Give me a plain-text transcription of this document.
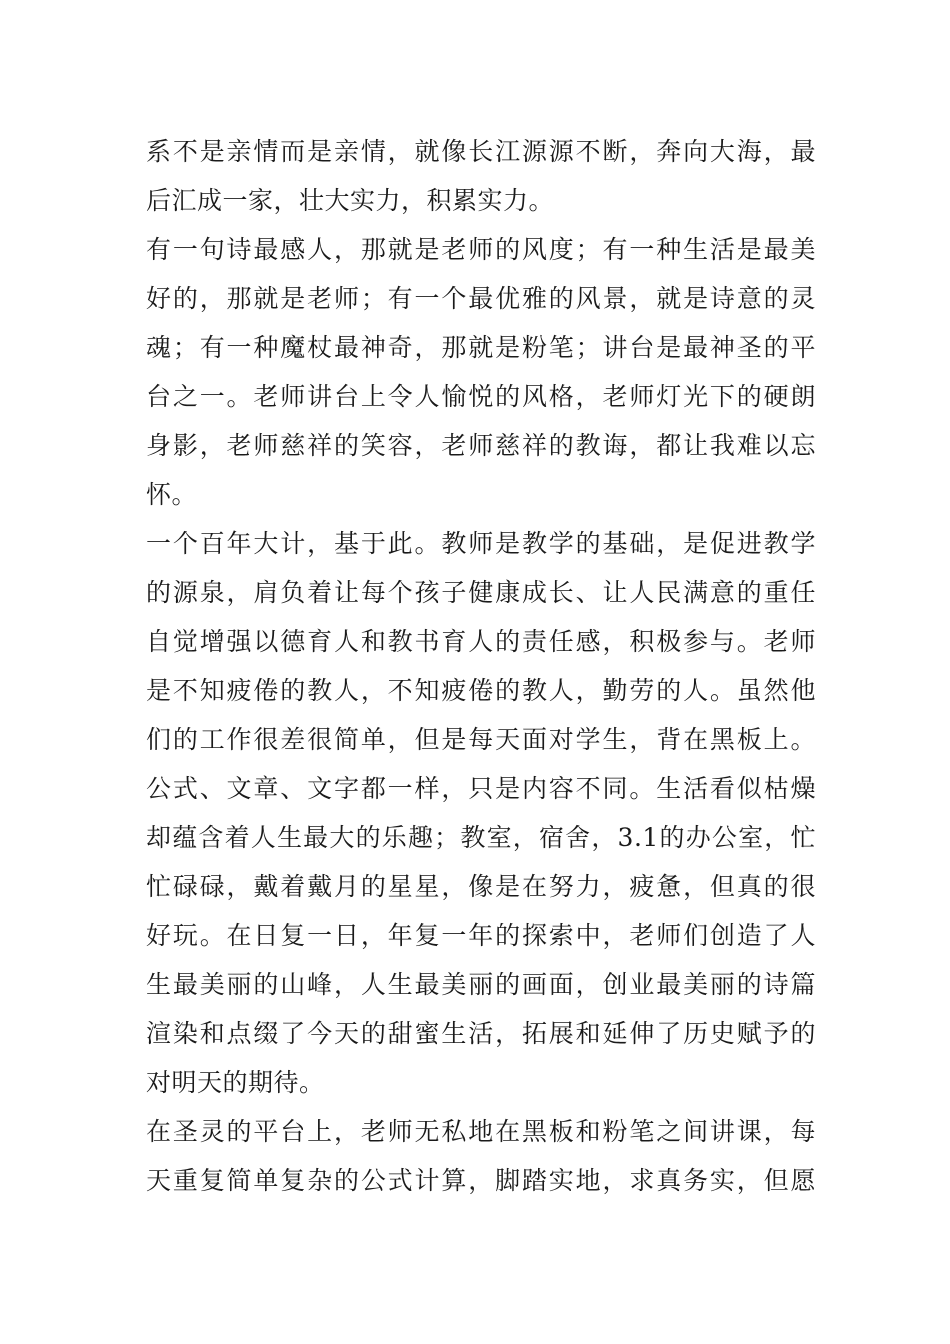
系不是亲情而是亲情，就像长江源源不断，奔向大海，最
后汇成一家，壮大实力，积累实力。
有一句诗最感人，那就是老师的风度；有一种生活是最美
好的，那就是老师；有一个最优雅的风景，就是诗意的灵
魂；有一种魔杖最神奇，那就是粉笔；讲台是最神圣的平
台之一。老师讲台上令人愉悦的风格，老师灯光下的硬朗
身影，老师慈祥的笑容，老师慈祥的教诲，都让我难以忘
怀。
一个百年大计，基于此。教师是教学的基础，是促进教学
的源泉，肩负着让每个孩子健康成长、让人民满意的重任
自觉增强以德育人和教书育人的责任感，积极参与。老师
是不知疲倦的教人，不知疲倦的教人，勤劳的人。虽然他
们的工作很差很简单，但是每天面对学生，背在黑板上。
公式、文章、文字都一样，只是内容不同。生活看似枯燥
却蕴含着人生最大的乐趣；教室，宿舍，3.1的办公室，忙
忙碌碌，戴着戴月的星星，像是在努力，疲惫，但真的很
好玩。在日复一日，年复一年的探索中，老师们创造了人
生最美丽的山峰，人生最美丽的画面，创业最美丽的诗篇
渲染和点缀了今天的甜蜜生活，拓展和延伸了历史赋予的
对明天的期待。
在圣灵的平台上，老师无私地在黑板和粉笔之间讲课，每
天重复简单复杂的公式计算，脚踏实地，求真务实，但愿
